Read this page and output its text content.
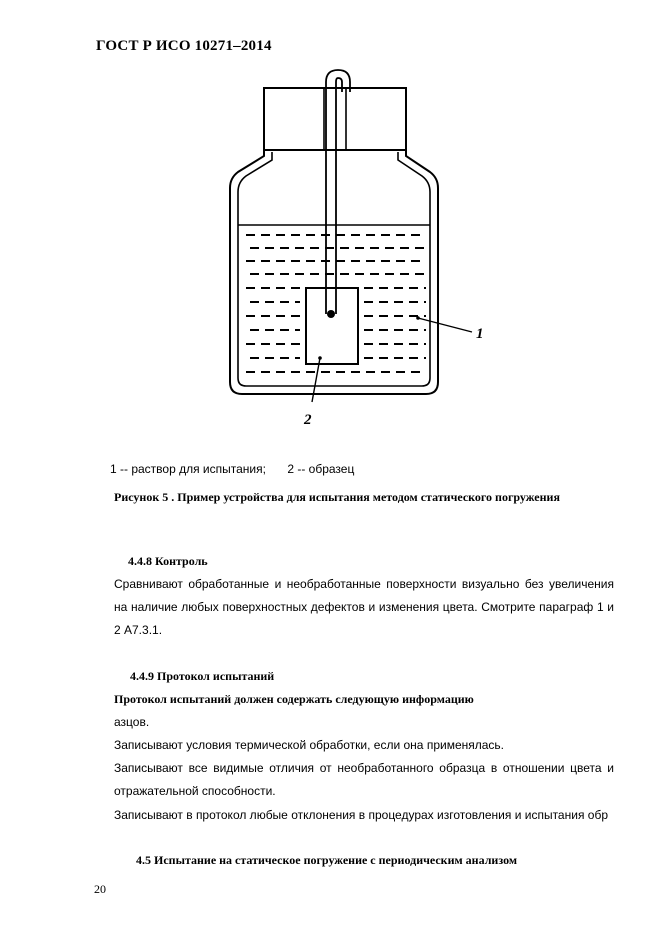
ГОСТ Р ИСО 10271–2014
1
2
1 -- раствор для испытания; 2 -- образец
Рисунок 5 . Пример устройства для испытания методом статического погружения
4.4.8 Контроль
Сравнивают обработанные и необработанные поверхности визуально без увеличения на наличие любых поверхностных дефектов и изменения цвета. Смотрите параграф 1 и 2 А7.3.1.
4.4.9 Протокол испытаний
Протокол испытаний должен содержать следующую информацию
азцов.
Записывают условия термической обработки, если она применялась.
Записывают все видимые отличия от необработанного образца в отношении цвета и отражательной способности.
Записывают в протокол любые отклонения в процедурах изготовления и испытания обр
4.5 Испытание на статическое погружение с периодическим анализом
20
